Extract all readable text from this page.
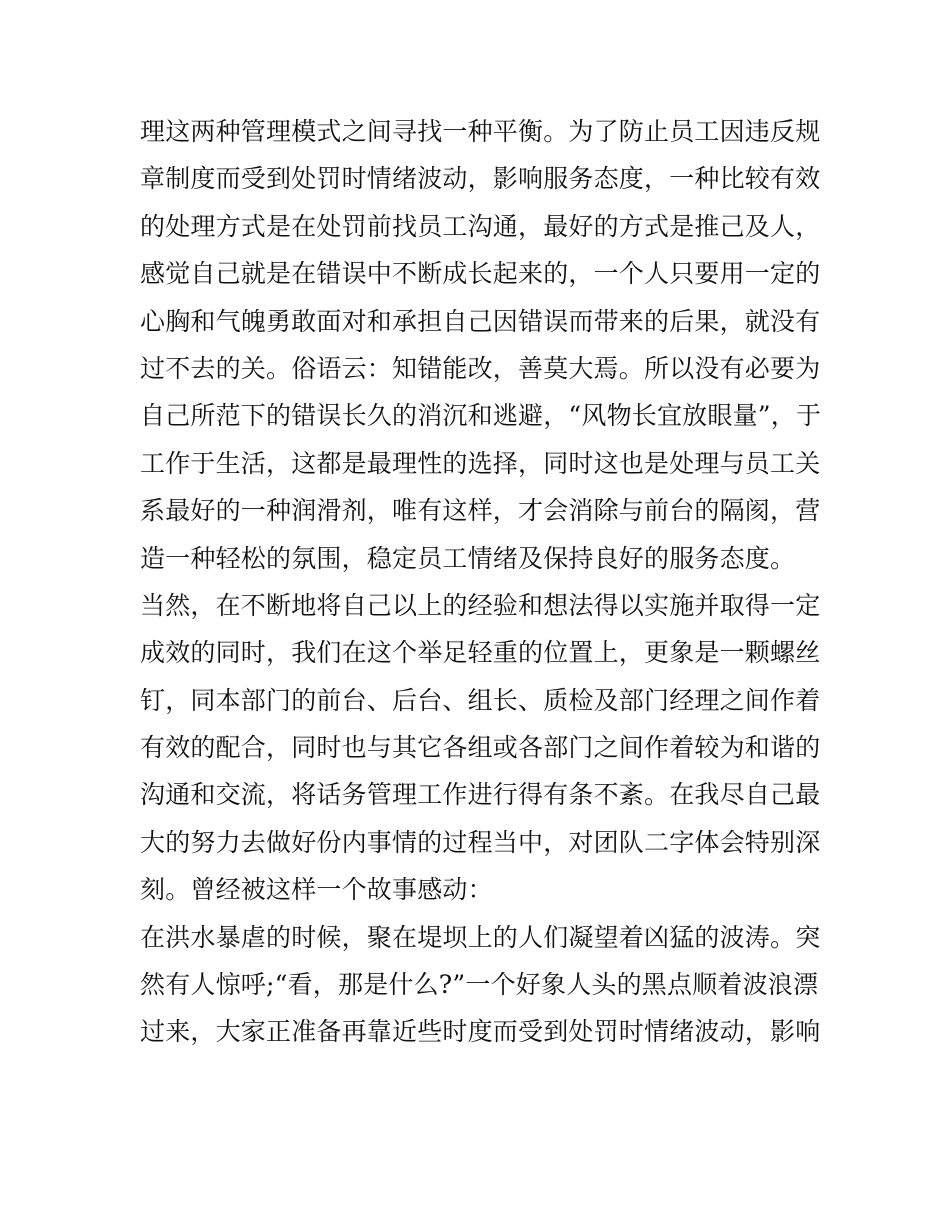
理这两种管理模式之间寻找一种平衡。为了防止员工因违反规
章制度而受到处罚时情绪波动，影响服务态度，一种比较有效
的处理方式是在处罚前找员工沟通，最好的方式是推己及人，
感觉自己就是在错误中不断成长起来的，一个人只要用一定的
心胸和气魄勇敢面对和承担自己因错误而带来的后果，就没有
过不去的关。俗语云：知错能改，善莫大焉。所以没有必要为
自己所范下的错误长久的消沉和逃避，“风物长宜放眼量”，于
工作于生活，这都是最理性的选择，同时这也是处理与员工关
系最好的一种润滑剂，唯有这样，才会消除与前台的隔阂，营
造一种轻松的氛围，稳定员工情绪及保持良好的服务态度。
当然，在不断地将自己以上的经验和想法得以实施并取得一定
成效的同时，我们在这个举足轻重的位置上，更象是一颗螺丝
钉，同本部门的前台、后台、组长、质检及部门经理之间作着
有效的配合，同时也与其它各组或各部门之间作着较为和谐的
沟通和交流，将话务管理工作进行得有条不紊。在我尽自己最
大的努力去做好份内事情的过程当中，对团队二字体会特别深
刻。曾经被这样一个故事感动：
在洪水暴虐的时候，聚在堤坝上的人们凝望着凶猛的波涛。突
然有人惊呼;“看，那是什么?”一个好象人头的黑点顺着波浪漂
过来，大家正准备再靠近些时度而受到处罚时情绪波动，影响
